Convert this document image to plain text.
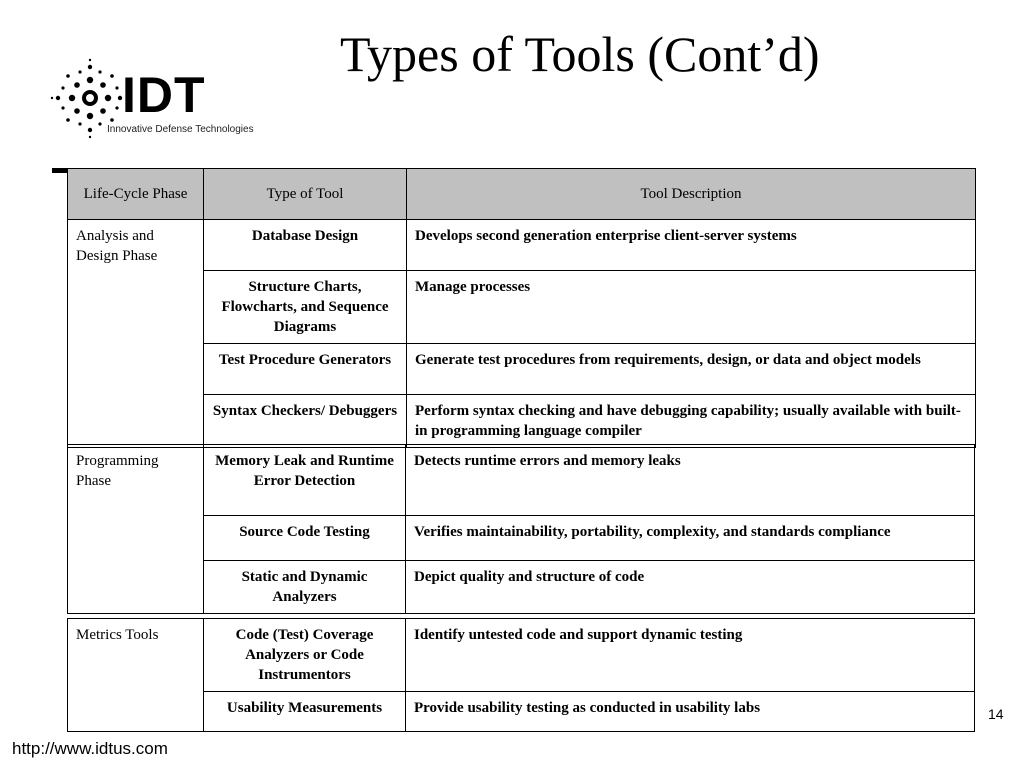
IDT
Innovative Defense Technologies
Types of Tools (Cont’d)
Life-Cycle Phase	Type of Tool	Tool Description
Analysis and Design Phase	Database Design	Develops second generation enterprise client-server systems
	Structure Charts, Flowcharts, and Sequence Diagrams	Manage processes
	Test Procedure Generators	Generate test procedures from requirements, design, or data and object models
	Syntax Checkers/ Debuggers	Perform syntax checking and have debugging capability; usually available with built-in programming language compiler
Programming Phase	Memory Leak and Runtime Error Detection	Detects runtime errors and memory leaks
	Source Code Testing	Verifies maintainability, portability, complexity, and standards compliance
	Static and Dynamic Analyzers	Depict quality and structure of code
Metrics Tools	Code (Test) Coverage Analyzers or Code Instrumentors	Identify untested code and support dynamic testing
	Usability Measurements	Provide usability testing as conducted in usability labs	14
http://www.idtus.com
